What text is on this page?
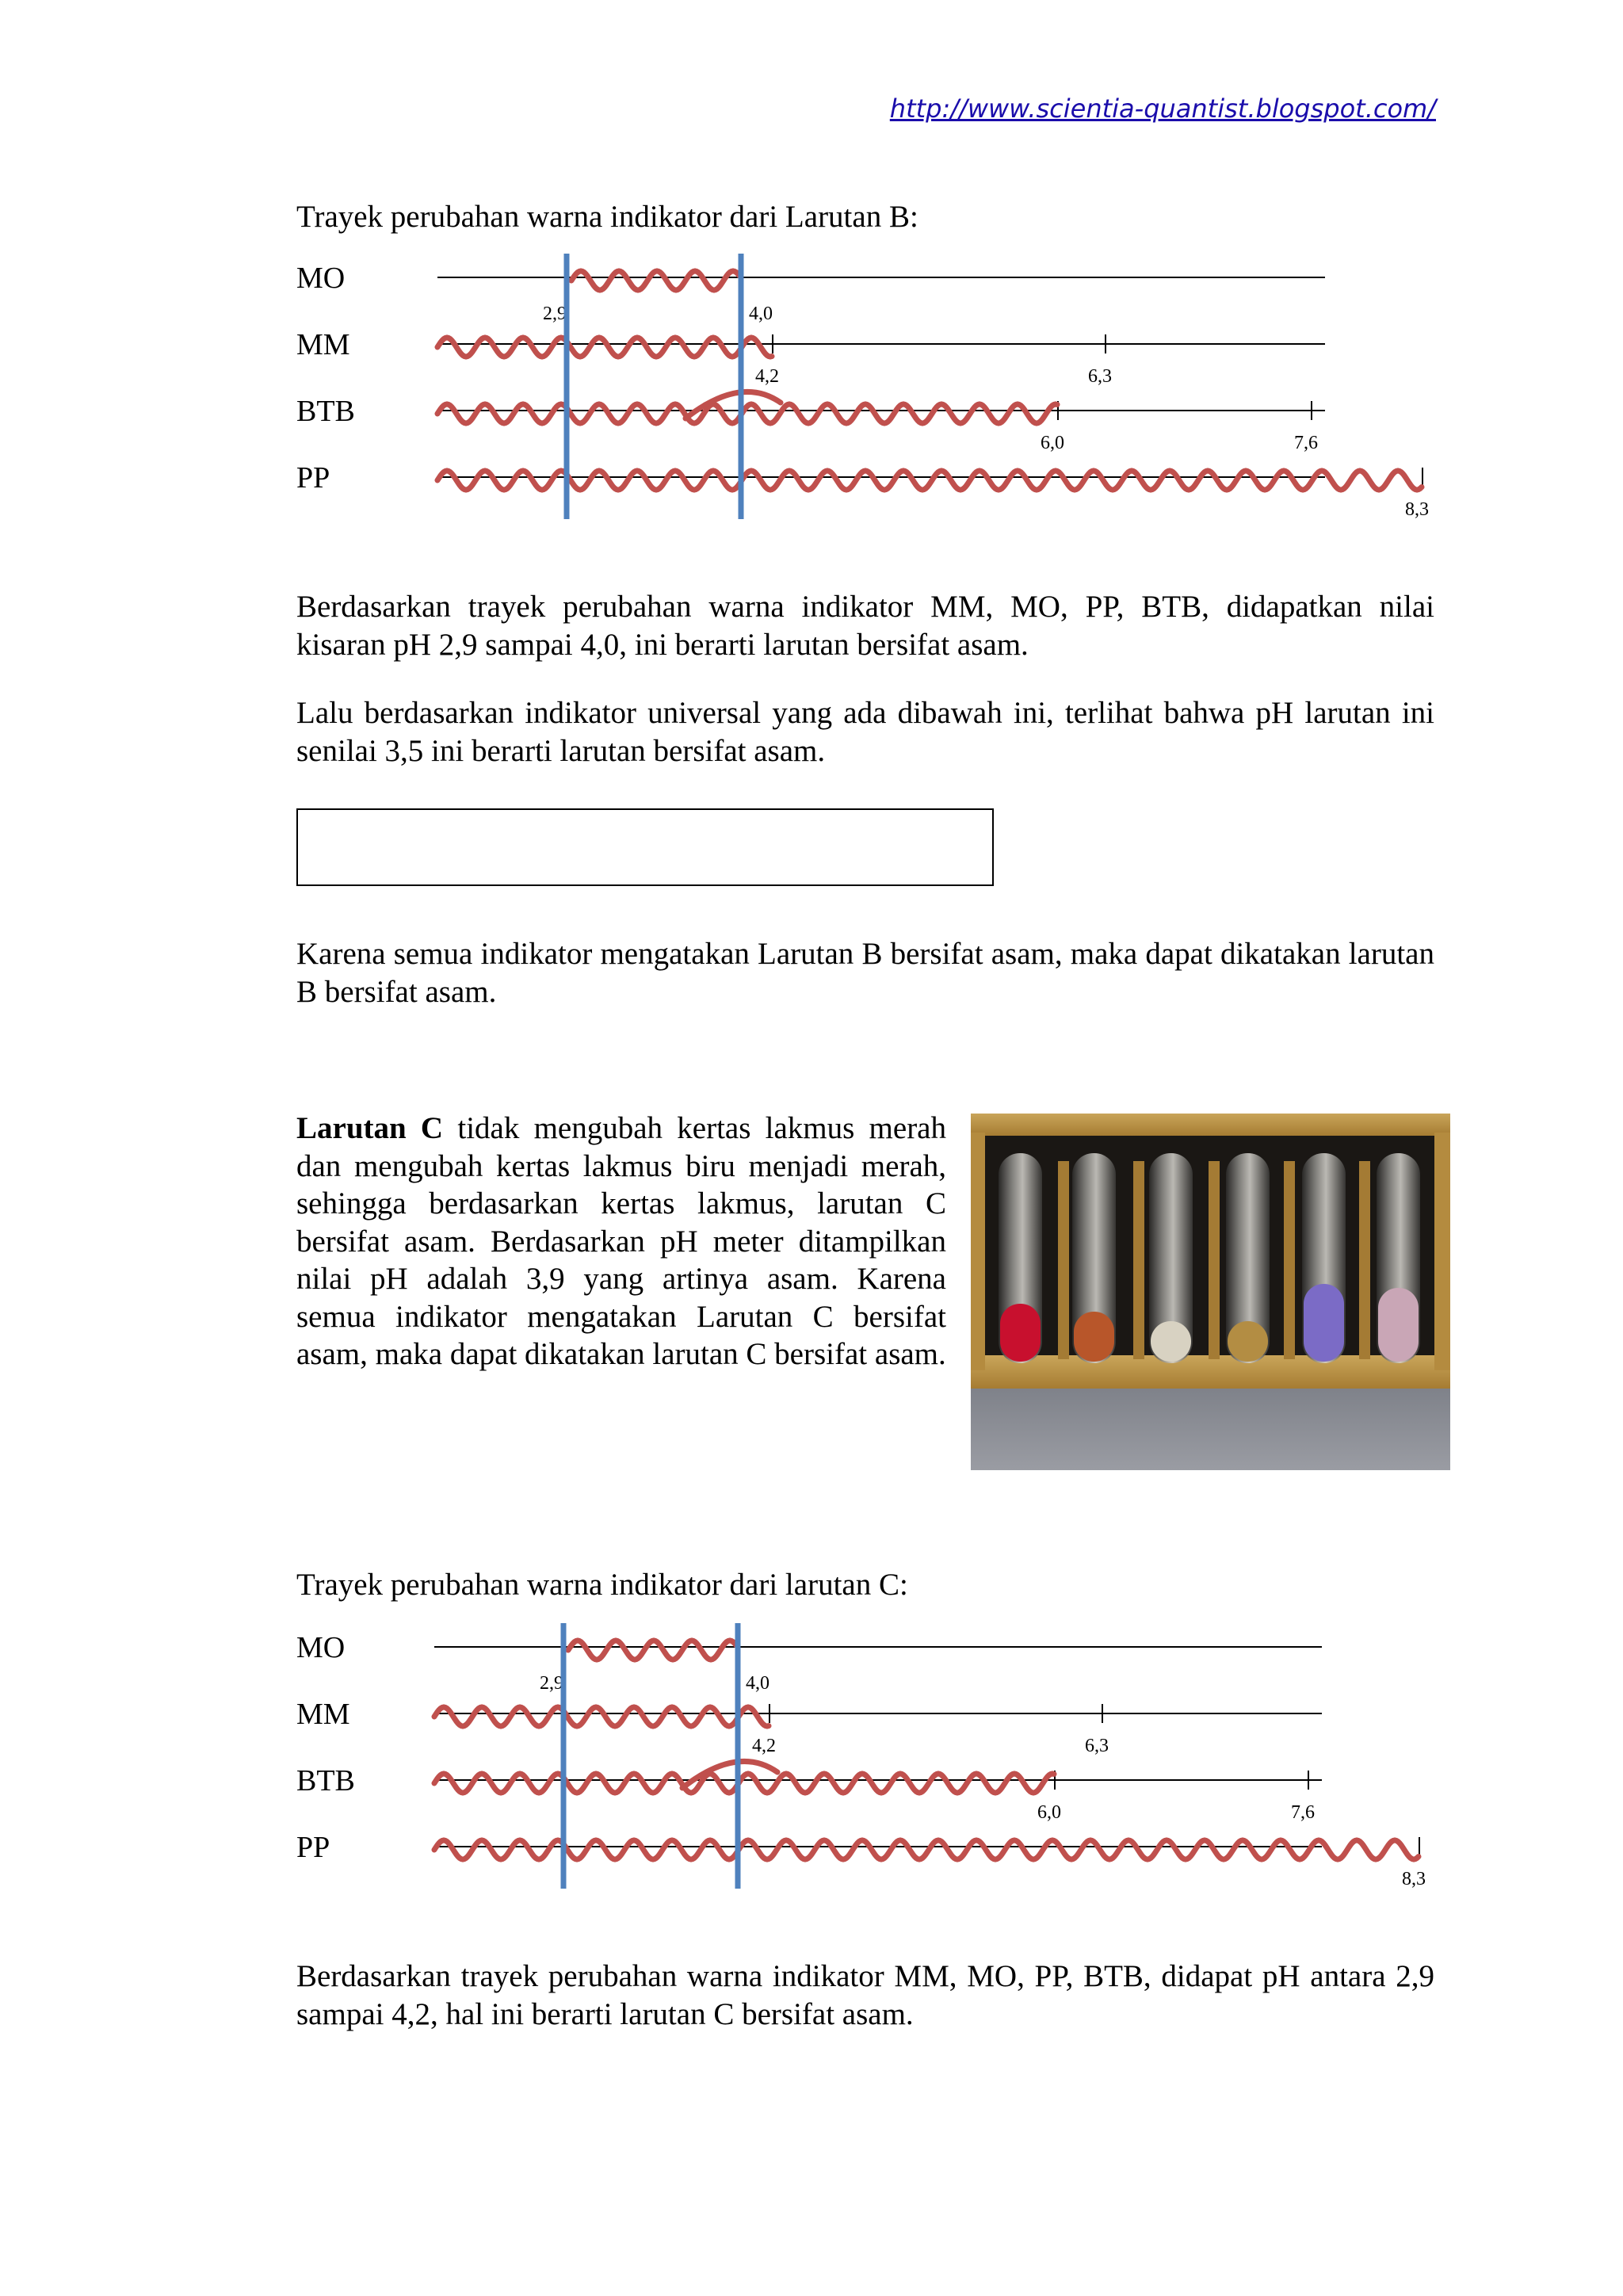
http://www.scientia-quantist.blogspot.com/
Trayek perubahan warna indikator dari Larutan B:
MO
2,9	4,0
MM
4,2	6,3
BTB
6,0	7,6
PP
8,3
Berdasarkan trayek perubahan warna indikator MM, MO, PP, BTB, didapatkan nilai kisaran pH 2,9 sampai 4,0, ini berarti larutan bersifat asam.
Lalu berdasarkan indikator universal yang ada dibawah ini, terlihat bahwa pH larutan ini senilai 3,5 ini berarti larutan bersifat asam.
Karena semua indikator mengatakan Larutan B bersifat asam, maka dapat dikatakan larutan B bersifat asam.
Larutan C tidak mengubah kertas lakmus merah dan mengubah kertas lakmus biru menjadi merah, sehingga berdasarkan kertas lakmus, larutan C bersifat asam. Berdasarkan pH meter ditampilkan nilai pH adalah 3,9 yang artinya asam. Karena semua indikator mengatakan Larutan C bersifat asam, maka dapat dikatakan larutan C bersifat asam.
Trayek perubahan warna indikator dari larutan C:
MO
2,9	4,0
MM
4,2	6,3
BTB
6,0	7,6
PP
8,3
Berdasarkan trayek perubahan warna indikator MM, MO, PP, BTB, didapat pH antara 2,9 sampai 4,2, hal ini berarti larutan C bersifat asam.
